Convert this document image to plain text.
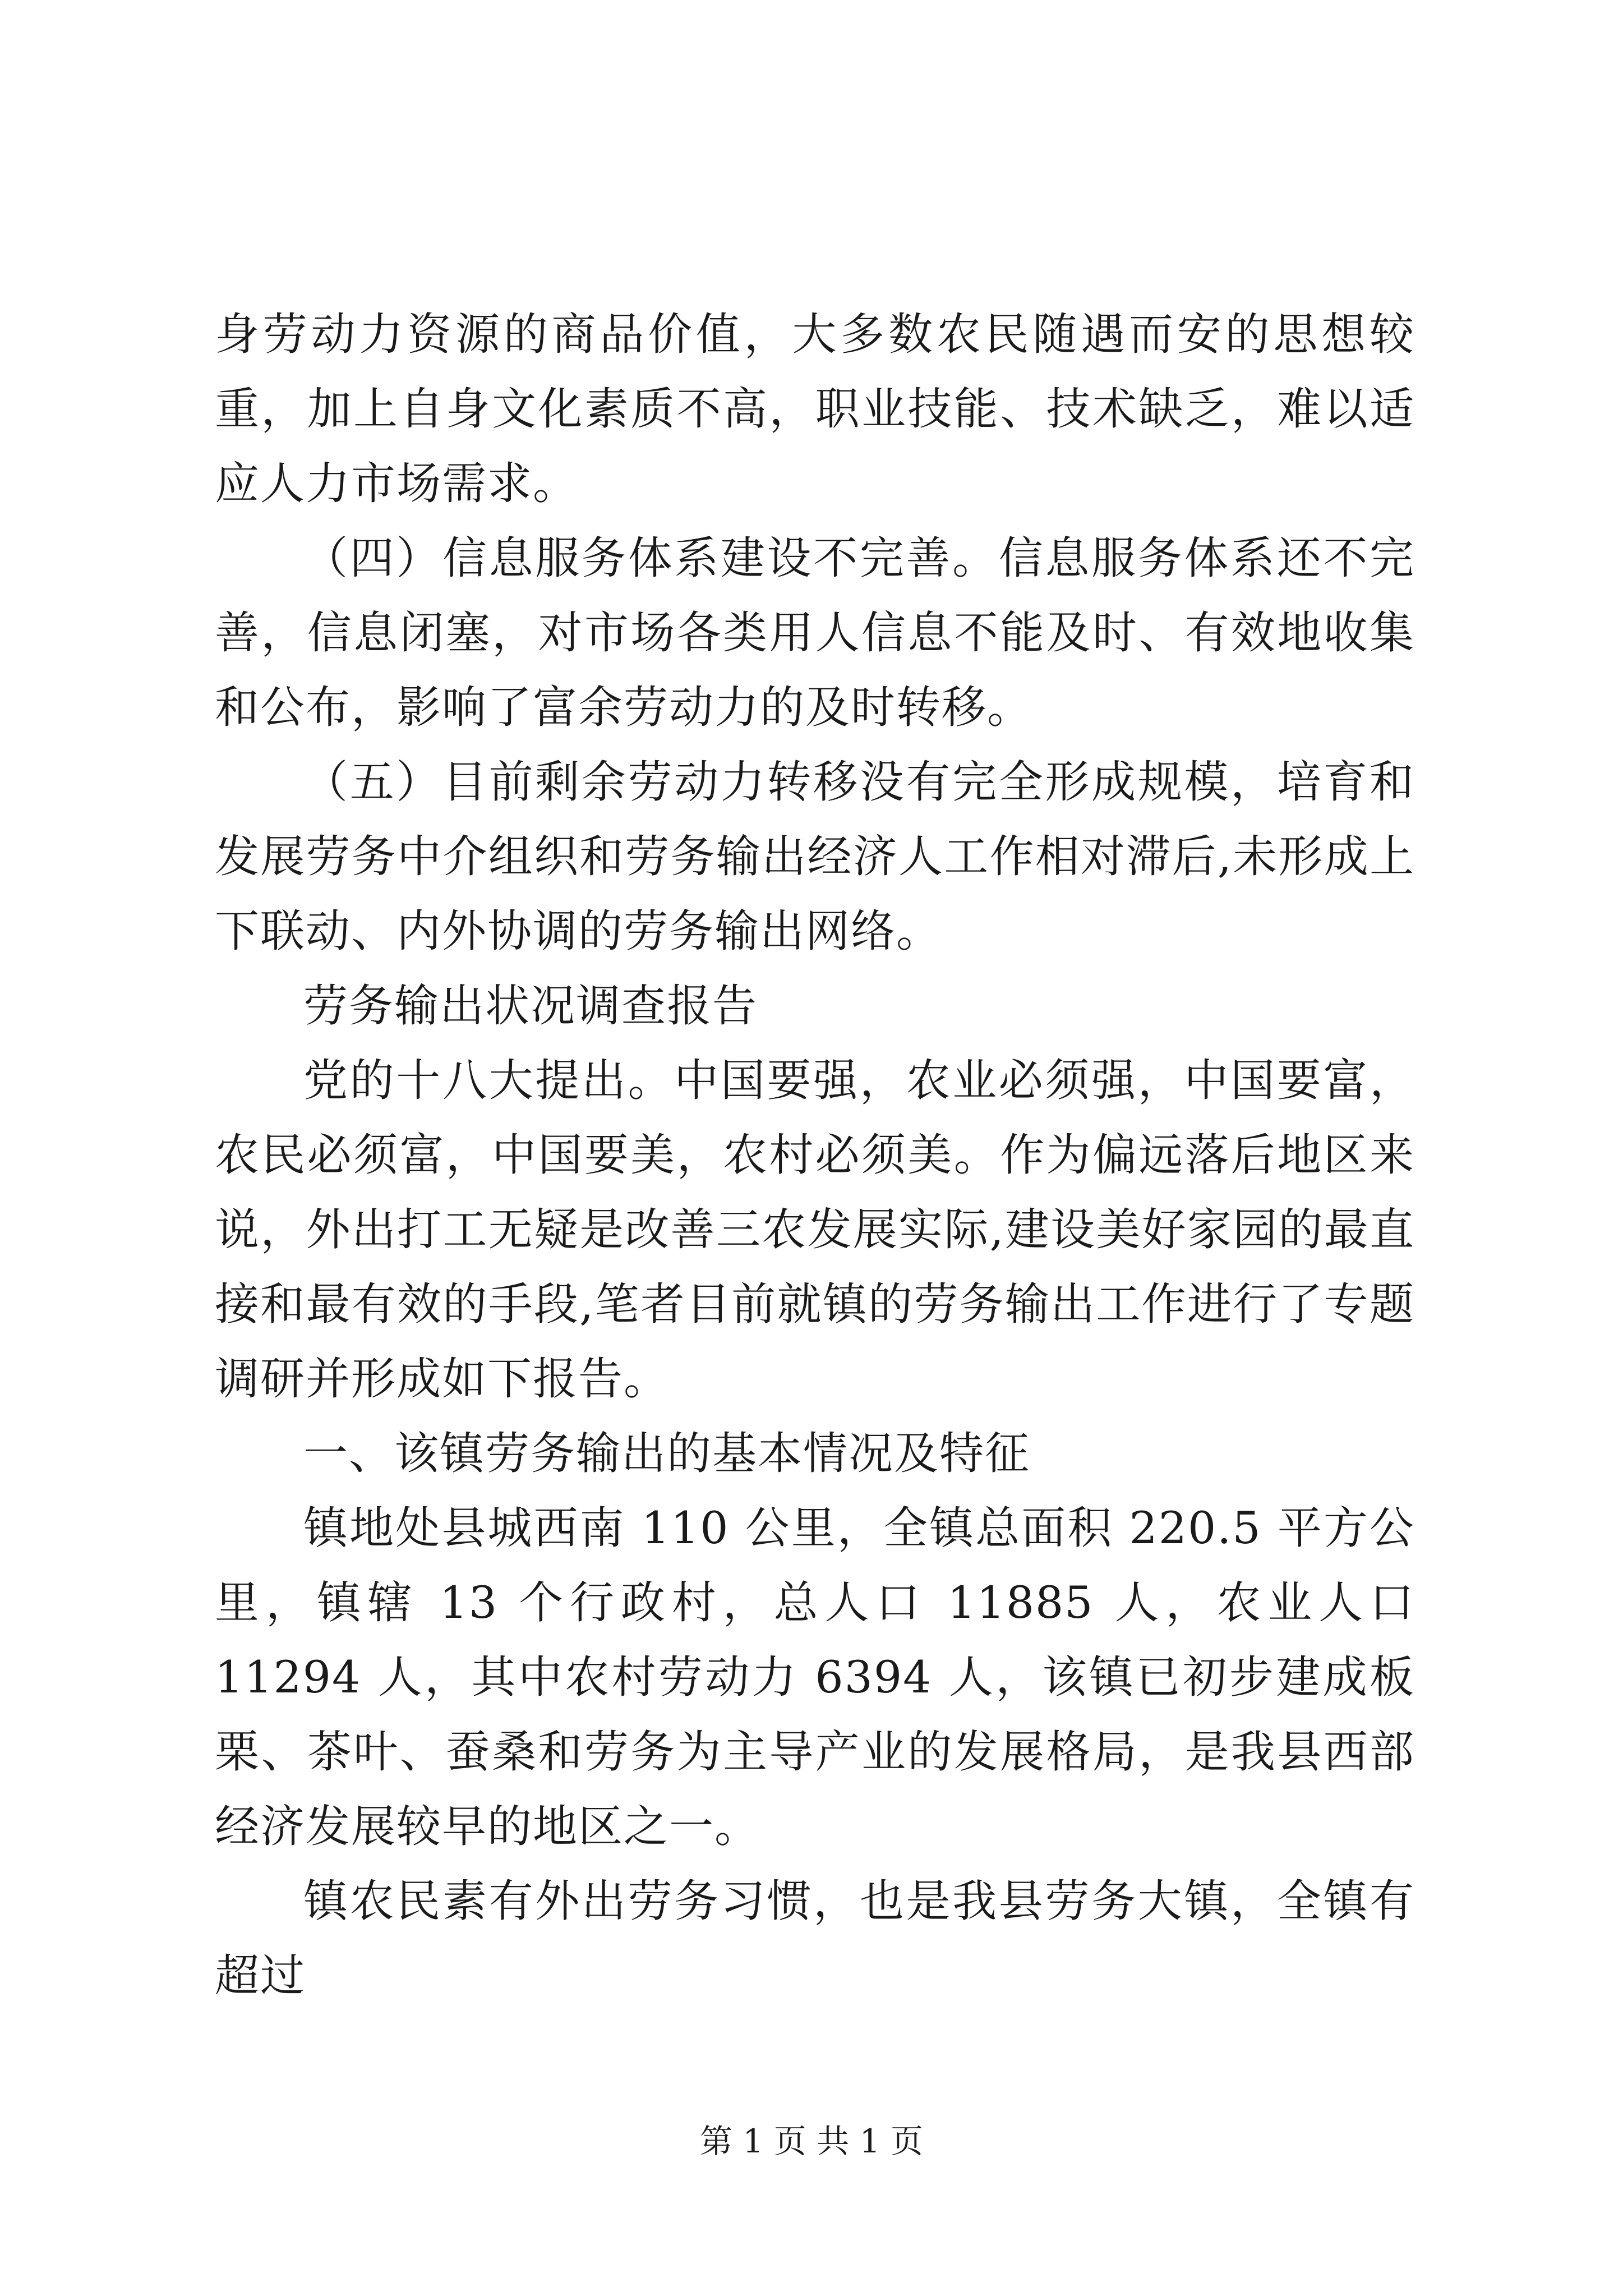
身劳动力资源的商品价值，大多数农民随遇而安的思想较重，加上自身文化素质不高，职业技能、技术缺乏，难以适应人力市场需求。

（四）信息服务体系建设不完善。信息服务体系还不完善，信息闭塞，对市场各类用人信息不能及时、有效地收集和公布，影响了富余劳动力的及时转移。

（五）目前剩余劳动力转移没有完全形成规模，培育和发展劳务中介组织和劳务输出经济人工作相对滞后,未形成上下联动、内外协调的劳务输出网络。

劳务输出状况调查报告

党的十八大提出。中国要强，农业必须强，中国要富，农民必须富，中国要美，农村必须美。作为偏远落后地区来说，外出打工无疑是改善三农发展实际,建设美好家园的最直接和最有效的手段,笔者目前就镇的劳务输出工作进行了专题调研并形成如下报告。

一、该镇劳务输出的基本情况及特征

镇地处县城西南 110 公里，全镇总面积 220.5 平方公里，镇辖 13 个行政村，总人口 11885 人，农业人口 11294 人，其中农村劳动力 6394 人，该镇已初步建成板栗、茶叶、蚕桑和劳务为主导产业的发展格局，是我县西部经济发展较早的地区之一。

镇农民素有外出劳务习惯，也是我县劳务大镇，全镇有超过

第 1 页 共 1 页
